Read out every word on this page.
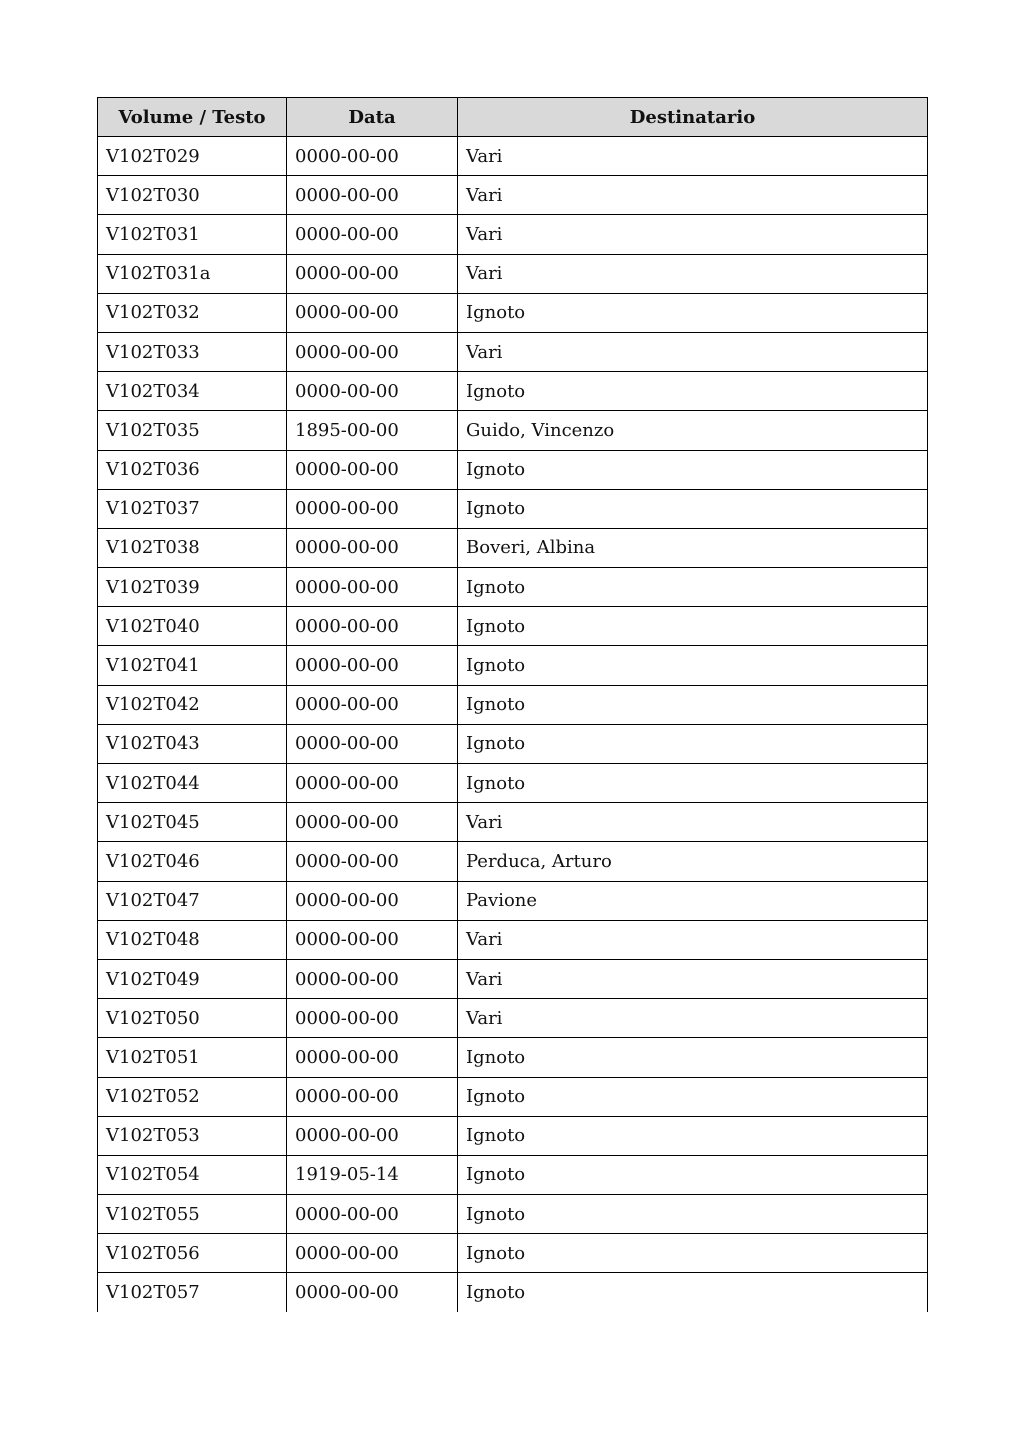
Volume / Testo	Data	Destinatario
V102T029	0000-00-00	Vari
V102T030	0000-00-00	Vari
V102T031	0000-00-00	Vari
V102T031a	0000-00-00	Vari
V102T032	0000-00-00	Ignoto
V102T033	0000-00-00	Vari
V102T034	0000-00-00	Ignoto
V102T035	1895-00-00	Guido, Vincenzo
V102T036	0000-00-00	Ignoto
V102T037	0000-00-00	Ignoto
V102T038	0000-00-00	Boveri, Albina
V102T039	0000-00-00	Ignoto
V102T040	0000-00-00	Ignoto
V102T041	0000-00-00	Ignoto
V102T042	0000-00-00	Ignoto
V102T043	0000-00-00	Ignoto
V102T044	0000-00-00	Ignoto
V102T045	0000-00-00	Vari
V102T046	0000-00-00	Perduca, Arturo
V102T047	0000-00-00	Pavione
V102T048	0000-00-00	Vari
V102T049	0000-00-00	Vari
V102T050	0000-00-00	Vari
V102T051	0000-00-00	Ignoto
V102T052	0000-00-00	Ignoto
V102T053	0000-00-00	Ignoto
V102T054	1919-05-14	Ignoto
V102T055	0000-00-00	Ignoto
V102T056	0000-00-00	Ignoto
V102T057	0000-00-00	Ignoto
